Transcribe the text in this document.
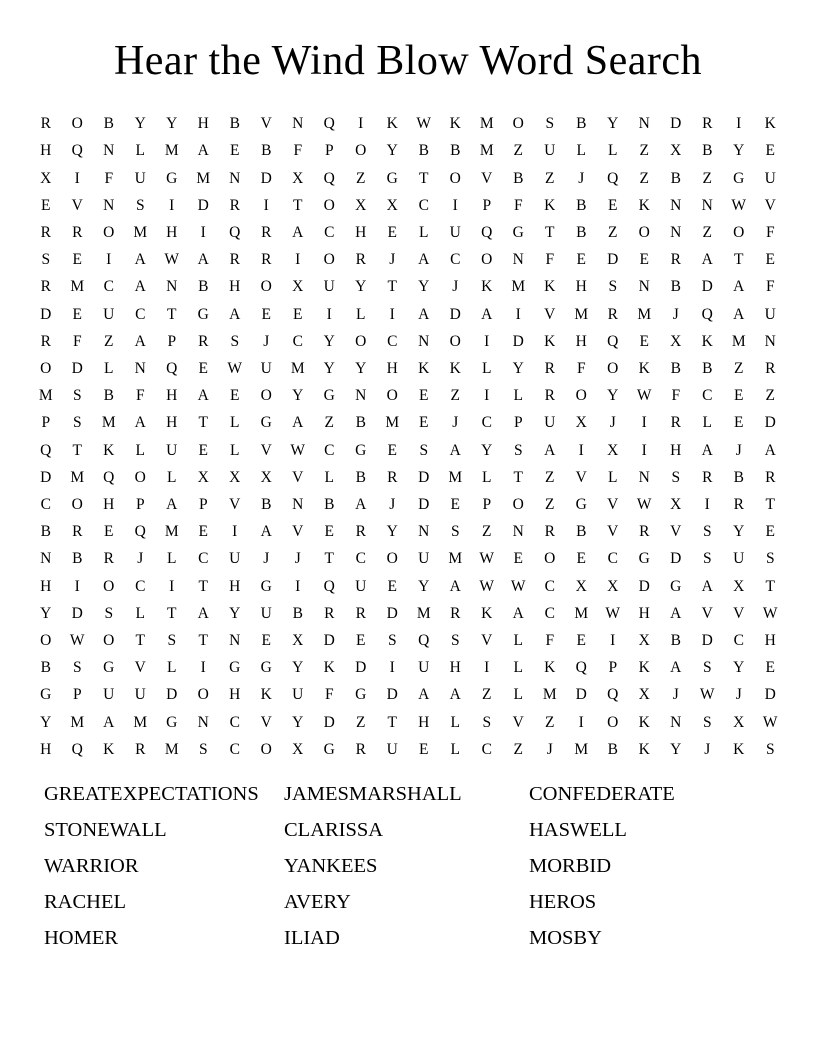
Hear the Wind Blow Word Search
R	O	B	Y	Y	H	B	V	N	Q	I	K	W	K	M	O	S	B	Y	N	D	R	I	K
H	Q	N	L	M	A	E	B	F	P	O	Y	B	B	M	Z	U	L	L	Z	X	B	Y	E
X	I	F	U	G	M	N	D	X	Q	Z	G	T	O	V	B	Z	J	Q	Z	B	Z	G	U
E	V	N	S	I	D	R	I	T	O	X	X	C	I	P	F	K	B	E	K	N	N	W	V
R	R	O	M	H	I	Q	R	A	C	H	E	L	U	Q	G	T	B	Z	O	N	Z	O	F
S	E	I	A	W	A	R	R	I	O	R	J	A	C	O	N	F	E	D	E	R	A	T	E
R	M	C	A	N	B	H	O	X	U	Y	T	Y	J	K	M	K	H	S	N	B	D	A	F
D	E	U	C	T	G	A	E	E	I	L	I	A	D	A	I	V	M	R	M	J	Q	A	U
R	F	Z	A	P	R	S	J	C	Y	O	C	N	O	I	D	K	H	Q	E	X	K	M	N
O	D	L	N	Q	E	W	U	M	Y	Y	H	K	K	L	Y	R	F	O	K	B	B	Z	R
M	S	B	F	H	A	E	O	Y	G	N	O	E	Z	I	L	R	O	Y	W	F	C	E	Z
P	S	M	A	H	T	L	G	A	Z	B	M	E	J	C	P	U	X	J	I	R	L	E	D
Q	T	K	L	U	E	L	V	W	C	G	E	S	A	Y	S	A	I	X	I	H	A	J	A
D	M	Q	O	L	X	X	X	V	L	B	R	D	M	L	T	Z	V	L	N	S	R	B	R
C	O	H	P	A	P	V	B	N	B	A	J	D	E	P	O	Z	G	V	W	X	I	R	T
B	R	E	Q	M	E	I	A	V	E	R	Y	N	S	Z	N	R	B	V	R	V	S	Y	E
N	B	R	J	L	C	U	J	J	T	C	O	U	M	W	E	O	E	C	G	D	S	U	S
H	I	O	C	I	T	H	G	I	Q	U	E	Y	A	W	W	C	X	X	D	G	A	X	T
Y	D	S	L	T	A	Y	U	B	R	R	D	M	R	K	A	C	M	W	H	A	V	V	W
O	W	O	T	S	T	N	E	X	D	E	S	Q	S	V	L	F	E	I	X	B	D	C	H
B	S	G	V	L	I	G	G	Y	K	D	I	U	H	I	L	K	Q	P	K	A	S	Y	E
G	P	U	U	D	O	H	K	U	F	G	D	A	A	Z	L	M	D	Q	X	J	W	J	D
Y	M	A	M	G	N	C	V	Y	D	Z	T	H	L	S	V	Z	I	O	K	N	S	X	W
H	Q	K	R	M	S	C	O	X	G	R	U	E	L	C	Z	J	M	B	K	Y	J	K	S
GREATEXPECTATIONS	JAMESMARSHALL	CONFEDERATE
STONEWALL	CLARISSA	HASWELL
WARRIOR	YANKEES	MORBID
RACHEL	AVERY	HEROS
HOMER	ILIAD	MOSBY
